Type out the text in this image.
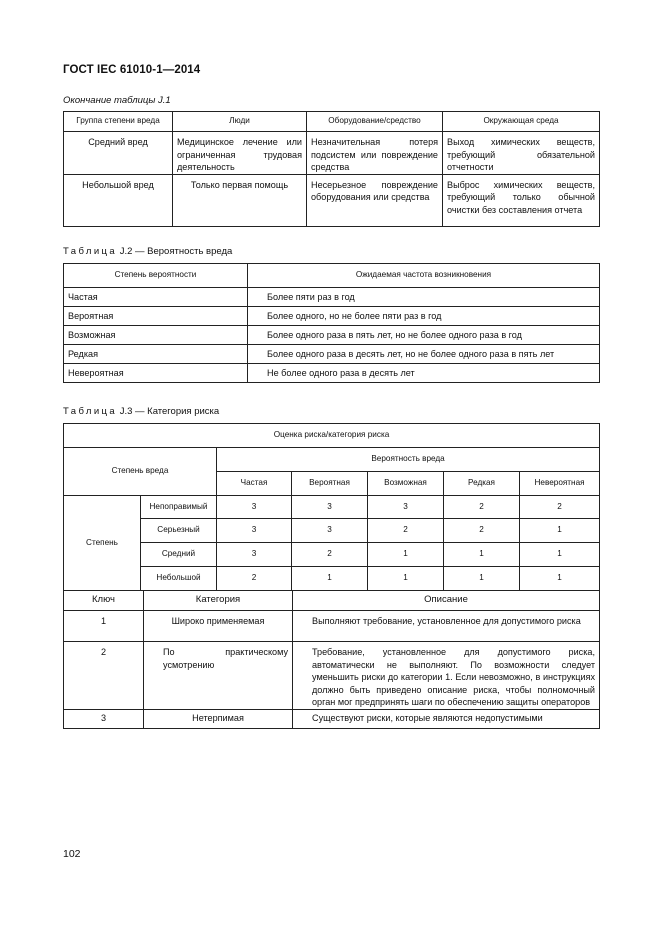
ГОСТ IEC 61010-1—2014
Окончание таблицы J.1
Группа степени вреда	Люди	Оборудование/средство	Окружающая среда
Средний вред	Медицинское лечение или ограниченная трудовая деятельность	Незначительная потеря подсистем или повреждение средства	Выход химических веществ, требующий обязательной отчетности
Небольшой вред	Только первая помощь	Несерьезное повреждение оборудования или средства	Выброс химических веществ, требующий только обычной очистки без составления отчета
Таблица J.2 — Вероятность вреда
Степень вероятности	Ожидаемая частота возникновения
Частая	Более пяти раз в год
Вероятная	Более одного, но не более пяти раз в год
Возможная	Более одного раза в пять лет, но не более одного раза в год
Редкая	Более одного раза в десять лет, но не более одного раза в пять лет
Невероятная	Не более одного раза в десять лет
Таблица J.3 — Категория риска
Оценка риска/категория риска						
Степень вреда		Вероятность вреда				
		Частая	Вероятная	Возможная	Редкая	Невероятная
Степень	Непоправимый	3	3	3	2	2
	Серьезный	3	3	2	2	1
	Средний	3	2	1	1	1
	Небольшой	2	1	1	1	1
Ключ	Категория	Описание
1	Широко применяемая	Выполняют требование, установленное для допустимого риска
2	По практическому усмотрению	Требование, установленное для допустимого риска, автоматически не выполняют. По возможности следует уменьшить риски до категории 1. Если невозможно, в инструкциях должно быть приведено описание риска, чтобы полномочный орган мог предпринять шаги по обеспечению защиты операторов
3	Нетерпимая	Существуют риски, которые являются недопустимыми
102
